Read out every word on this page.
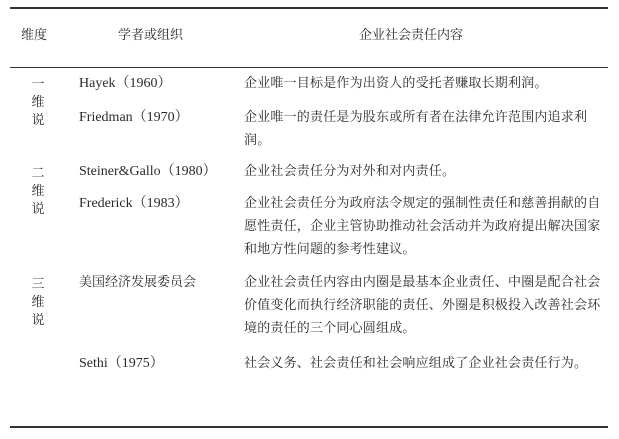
维度	学者或组织	企业社会责任内容
一
维
说
Hayek（1960）	企业唯一目标是作为出资人的受托者赚取长期利润。
Friedman（1970）	企业唯一的责任是为股东或所有者在法律允许范围内追求利润。
二
维
说
Steiner&Gallo（1980） 企业社会责任分为对外和对内责任。
Frederick（1983）	企业社会责任分为政府法令规定的强制性责任和慈善捐献的自愿性责任，企业主管协助推动社会活动并为政府提出解决国家和地方性问题的参考性建议。
三
维
说
美国经济发展委员会	企业社会责任内容由内圈是最基本企业责任、中圈是配合社会价值变化而执行经济职能的责任、外圈是积极投入改善社会环境的责任的三个同心圆组成。
Sethi（1975）	社会义务、社会责任和社会响应组成了企业社会责任行为。
